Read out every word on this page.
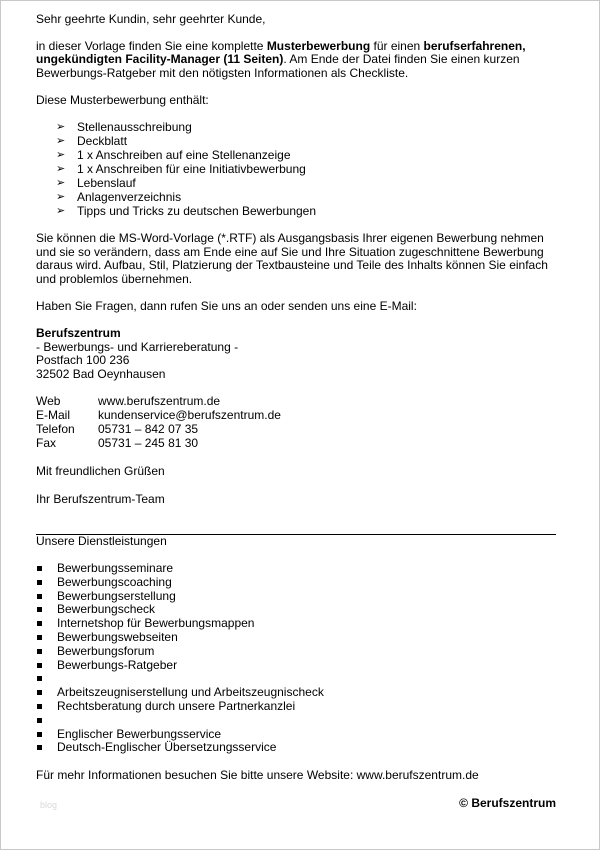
Sehr geehrte Kundin, sehr geehrter Kunde,

in dieser Vorlage finden Sie eine komplette Musterbewerbung für einen berufserfahrenen, ungekündigten Facility-Manager (11 Seiten). Am Ende der Datei finden Sie einen kurzen Bewerbungs-Ratgeber mit den nötigsten Informationen als Checkliste.

Diese Musterbewerbung enthält:

➢ Stellenausschreibung
➢ Deckblatt
➢ 1 x Anschreiben auf eine Stellenanzeige
➢ 1 x Anschreiben für eine Initiativbewerbung
➢ Lebenslauf
➢ Anlagenverzeichnis
➢ Tipps und Tricks zu deutschen Bewerbungen

Sie können die MS-Word-Vorlage (*.RTF) als Ausgangsbasis Ihrer eigenen Bewerbung nehmen und sie so verändern, dass am Ende eine auf Sie und Ihre Situation zugeschnittene Bewerbung daraus wird. Aufbau, Stil, Platzierung der Textbausteine und Teile des Inhalts können Sie einfach und problemlos übernehmen.

Haben Sie Fragen, dann rufen Sie uns an oder senden uns eine E-Mail:

Berufszentrum

- Bewerbungs- und Karriereberatung -

Postfach 100 236

32502 Bad Oeynhausen

Web	www.berufszentrum.de
E-Mail	kundenservice@berufszentrum.de
Telefon	05731 – 842 07 35
Fax	05731 – 245 81 30

Mit freundlichen Grüßen

Ihr Berufszentrum-Team

Unsere Dienstleistungen

Bewerbungsseminare
Bewerbungscoaching
Bewerbungserstellung
Bewerbungscheck
Internetshop für Bewerbungsmappen
Bewerbungswebseiten
Bewerbungsforum
Bewerbungs-Ratgeber
Arbeitszeugniserstellung und Arbeitszeugnischeck
Rechtsberatung durch unsere Partnerkanzlei
Englischer Bewerbungsservice
Deutsch-Englischer Übersetzungsservice

Für mehr Informationen besuchen Sie bitte unsere Website: www.berufszentrum.de

blog	© Berufszentrum
